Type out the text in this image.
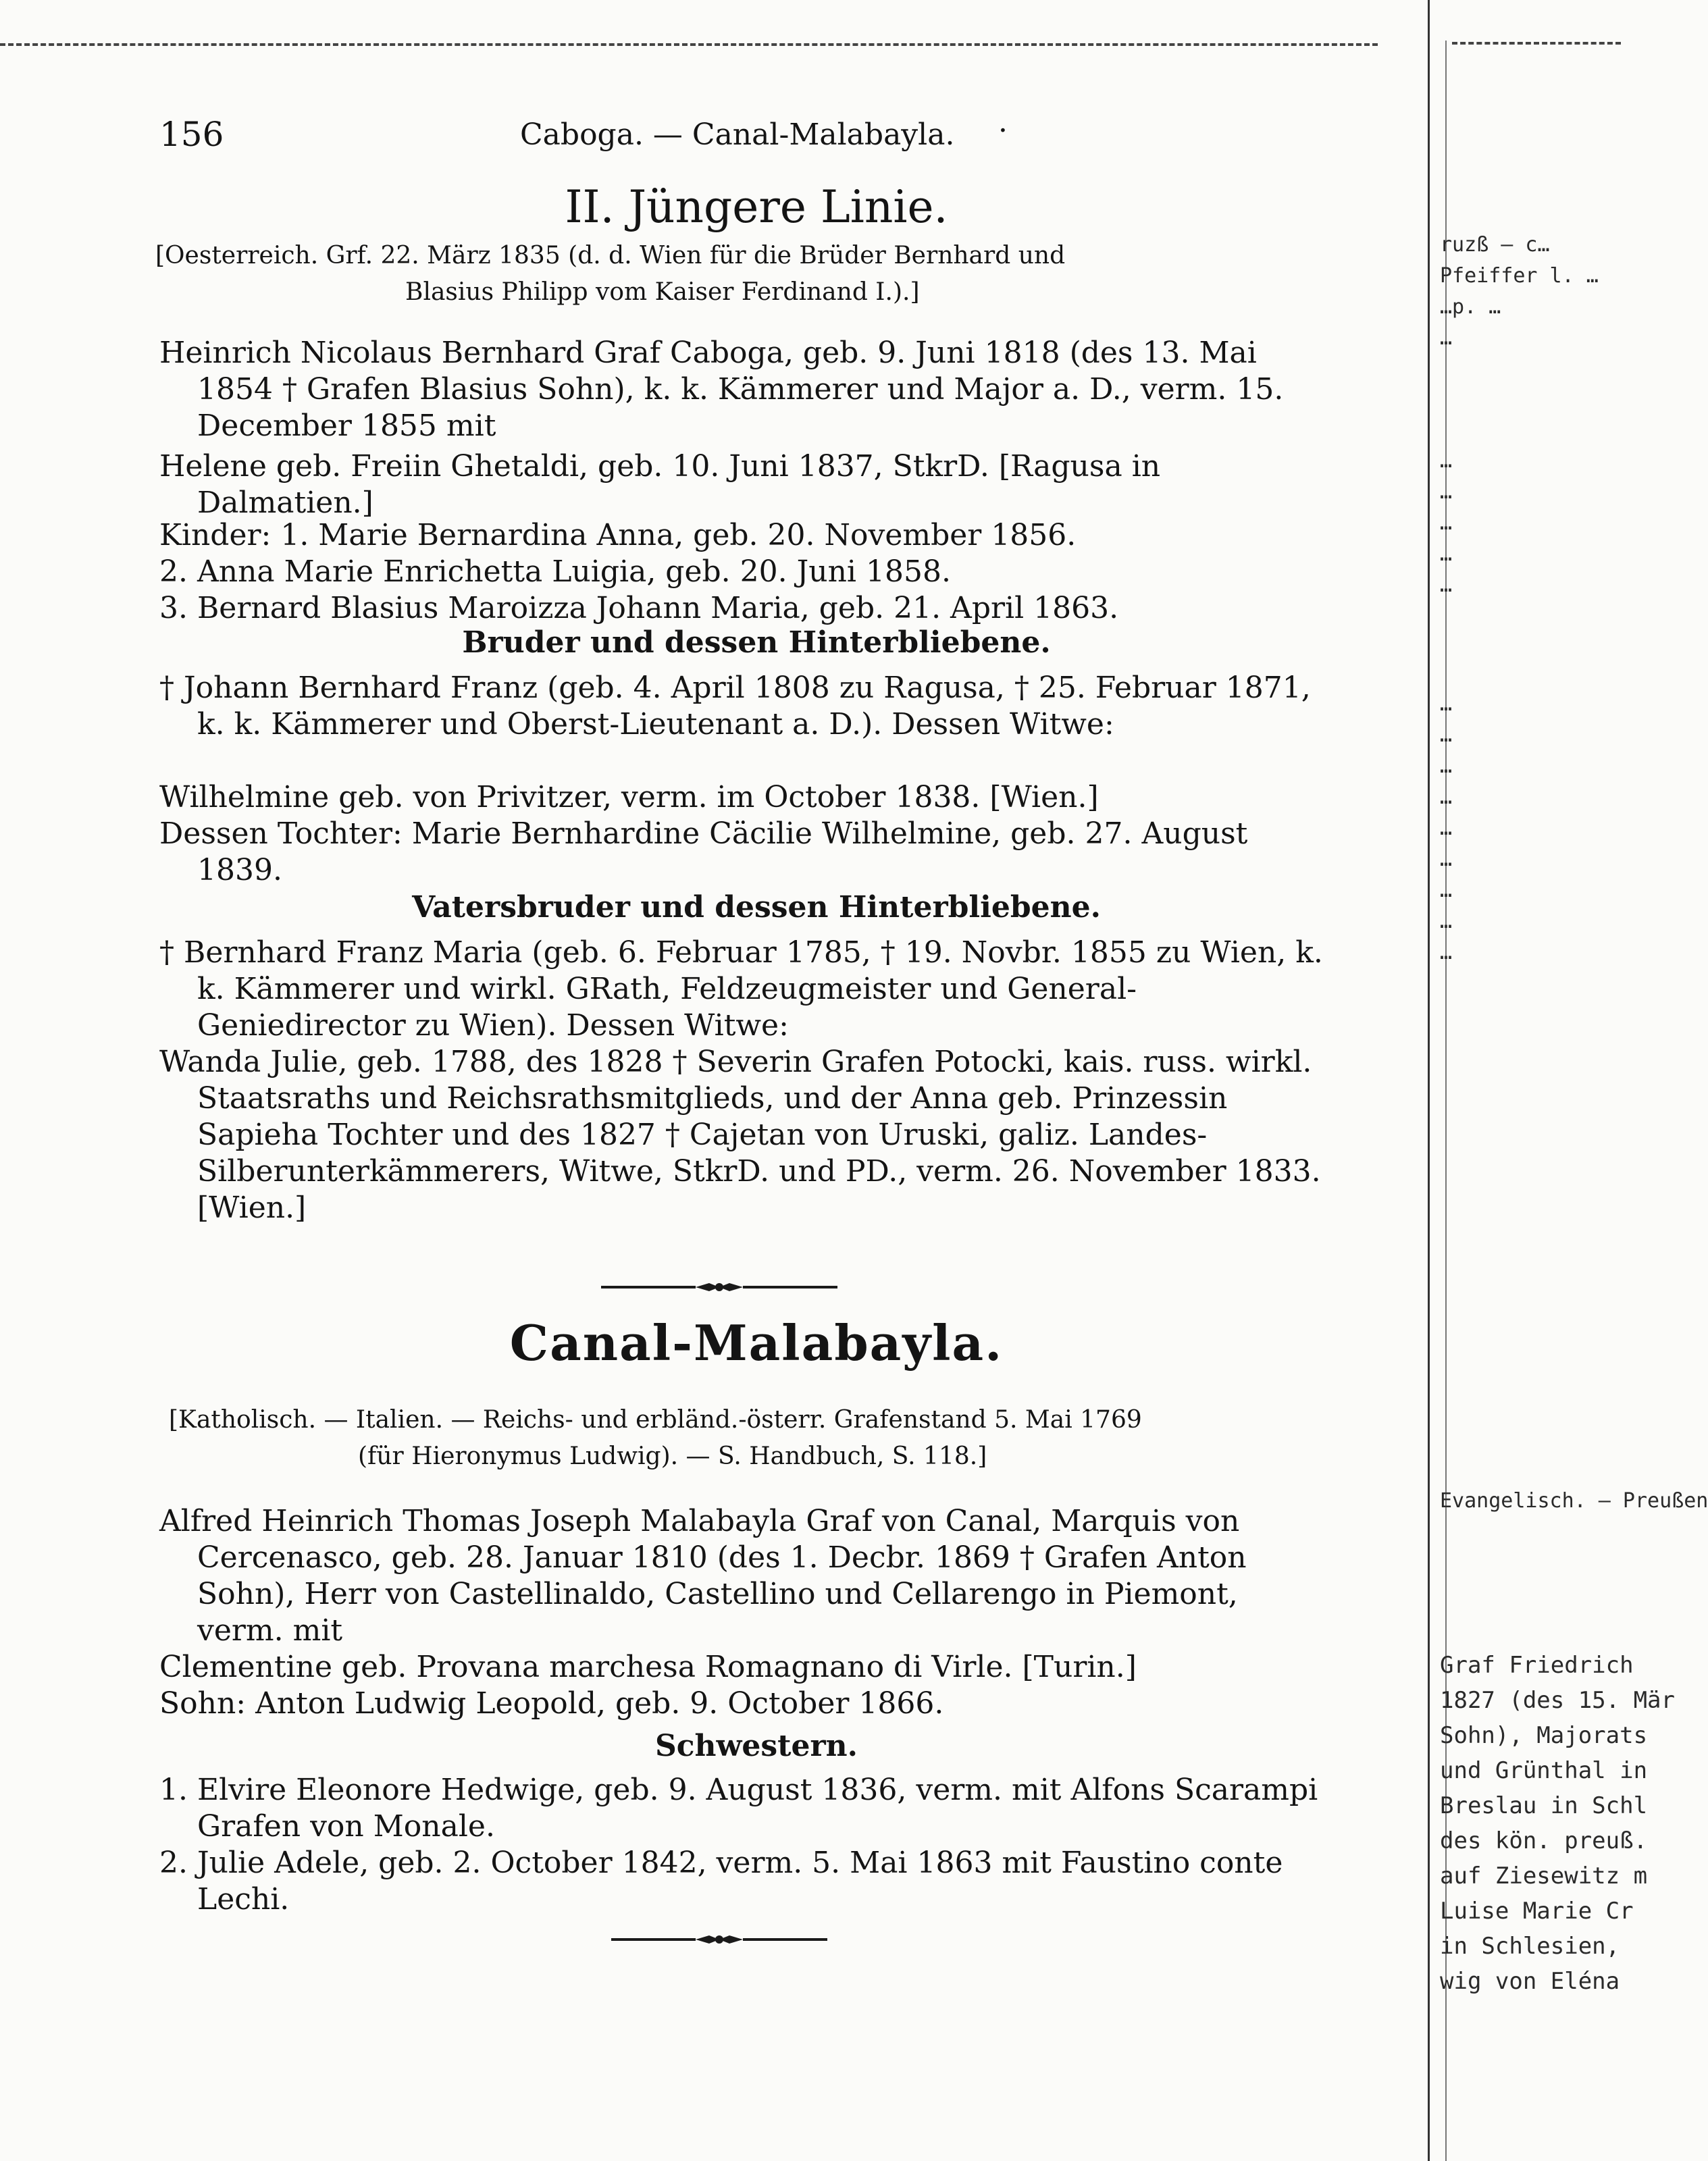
156	Caboga. — Canal-Malabayla. ·
II. Jüngere Linie.
[Oesterreich. Grf. 22. März 1835 (d. d. Wien für die Brüder Bernhard und
Blasius Philipp vom Kaiser Ferdinand I.).]
Heinrich Nicolaus Bernhard Graf Caboga, geb. 9. Juni 1818 (des 13. Mai 1854 † Grafen Blasius Sohn), k. k. Kämmerer und Major a. D., verm. 15. December 1855 mit
Helene geb. Freiin Ghetaldi, geb. 10. Juni 1837, StkrD. [Ragusa in Dalmatien.]
Kinder: 1. Marie Bernardina Anna, geb. 20. November 1856.
2. Anna Marie Enrichetta Luigia, geb. 20. Juni 1858.
3. Bernard Blasius Maroizza Johann Maria, geb. 21. April 1863.
Bruder und dessen Hinterbliebene.
† Johann Bernhard Franz (geb. 4. April 1808 zu Ragusa, † 25. Februar 1871, k. k. Kämmerer und Oberst-Lieutenant a. D.). Dessen Witwe:
Wilhelmine geb. von Privitzer, verm. im October 1838. [Wien.]
Dessen Tochter: Marie Bernhardine Cäcilie Wilhelmine, geb. 27. August 1839.
Vatersbruder und dessen Hinterbliebene.
† Bernhard Franz Maria (geb. 6. Februar 1785, † 19. Novbr. 1855 zu Wien, k. k. Kämmerer und wirkl. GRath, Feldzeugmeister und General-Geniedirector zu Wien). Dessen Witwe:
Wanda Julie, geb. 1788, des 1828 † Severin Grafen Potocki, kais. russ. wirkl. Staatsraths und Reichsrathsmitglieds, und der Anna geb. Prinzessin Sapieha Tochter und des 1827 † Cajetan von Uruski, galiz. Landes-Silberunterkämmerers, Witwe, StkrD. und PD., verm. 26. November 1833. [Wien.]
Canal-Malabayla.
[Katholisch. — Italien. — Reichs- und erbländ.-österr. Grafenstand 5. Mai 1769
(für Hieronymus Ludwig). — S. Handbuch, S. 118.]
Alfred Heinrich Thomas Joseph Malabayla Graf von Canal, Marquis von Cercenasco, geb. 28. Januar 1810 (des 1. Decbr. 1869 † Grafen Anton Sohn), Herr von Castellinaldo, Castellino und Cellarengo in Piemont, verm. mit
Clementine geb. Provana marchesa Romagnano di Virle. [Turin.]
Sohn: Anton Ludwig Leopold, geb. 9. October 1866.
Schwestern.
1. Elvire Eleonore Hedwige, geb. 9. August 1836, verm. mit Alfons Scarampi Grafen von Monale.
2. Julie Adele, geb. 2. October 1842, verm. 5. Mai 1863 mit Faustino conte Lechi.
ruzß – c…
Pfeiffer l. …
…p. …
…
…
…
…
…
…
…
…
…
…
…
…
…
…
…
Evangelisch. – Preußen
Graf Friedrich
1827 (des 15. Mär
Sohn), Majorats
und Grünthal in
Breslau in Schl
des kön. preuß.
auf Ziesewitz m
Luise Marie Cr
in Schlesien,
wig von Eléna
